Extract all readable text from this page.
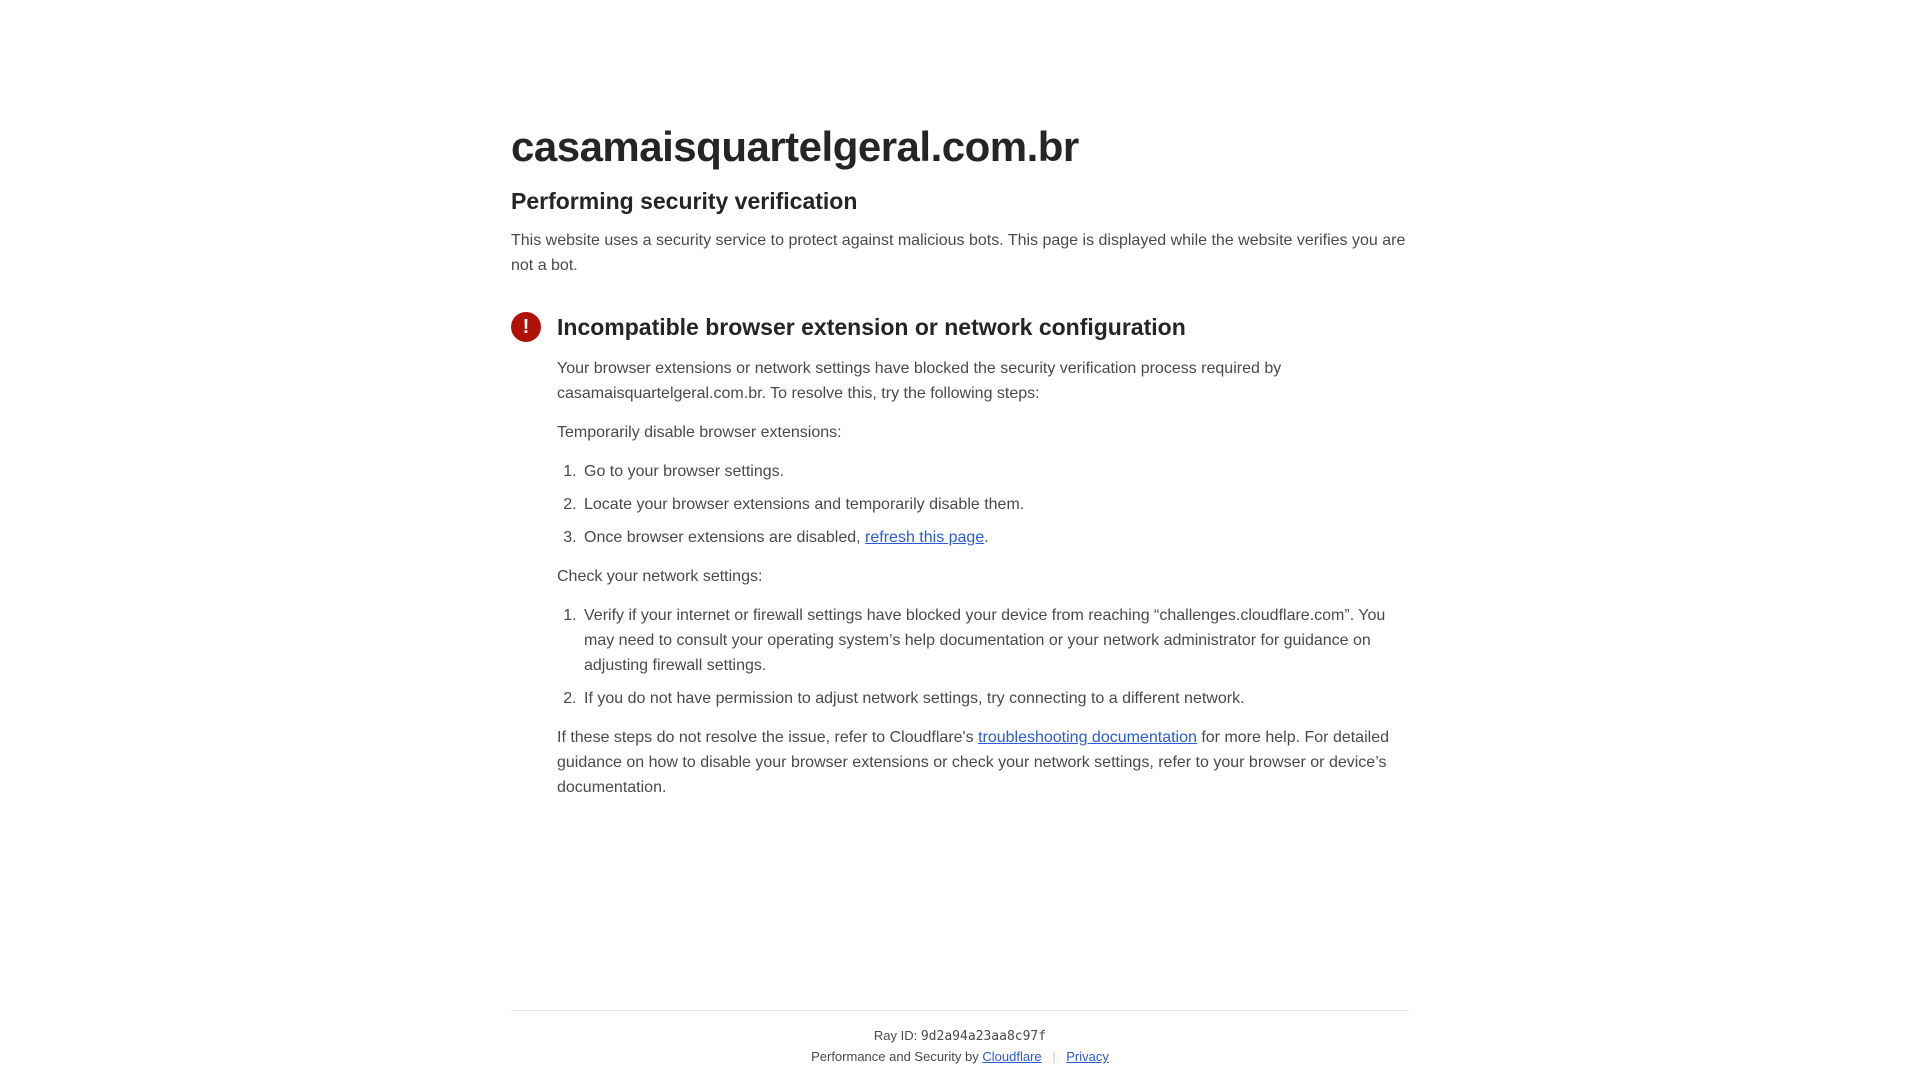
casamaisquartelgeral.com.br
Performing security verification

This website uses a security service to protect against malicious bots. This page is displayed while the website verifies you are not a bot.

!	Incompatible browser extension or network configuration

Your browser extensions or network settings have blocked the security verification process required by casamaisquartelgeral.com.br. To resolve this, try the following steps:

Temporarily disable browser extensions:

1. Go to your browser settings.
2. Locate your browser extensions and temporarily disable them.
3. Once browser extensions are disabled, refresh this page.

Check your network settings:

1. Verify if your internet or firewall settings have blocked your device from reaching “challenges.cloudflare.com”. You may need to consult your operating system’s help documentation or your network administrator for guidance on adjusting firewall settings.
2. If you do not have permission to adjust network settings, try connecting to a different network.

If these steps do not resolve the issue, refer to Cloudflare's troubleshooting documentation for more help. For detailed guidance on how to disable your browser extensions or check your network settings, refer to your browser or device’s documentation.

Ray ID: 9d2a94a23aa8c97f
Performance and Security by Cloudflare | Privacy
